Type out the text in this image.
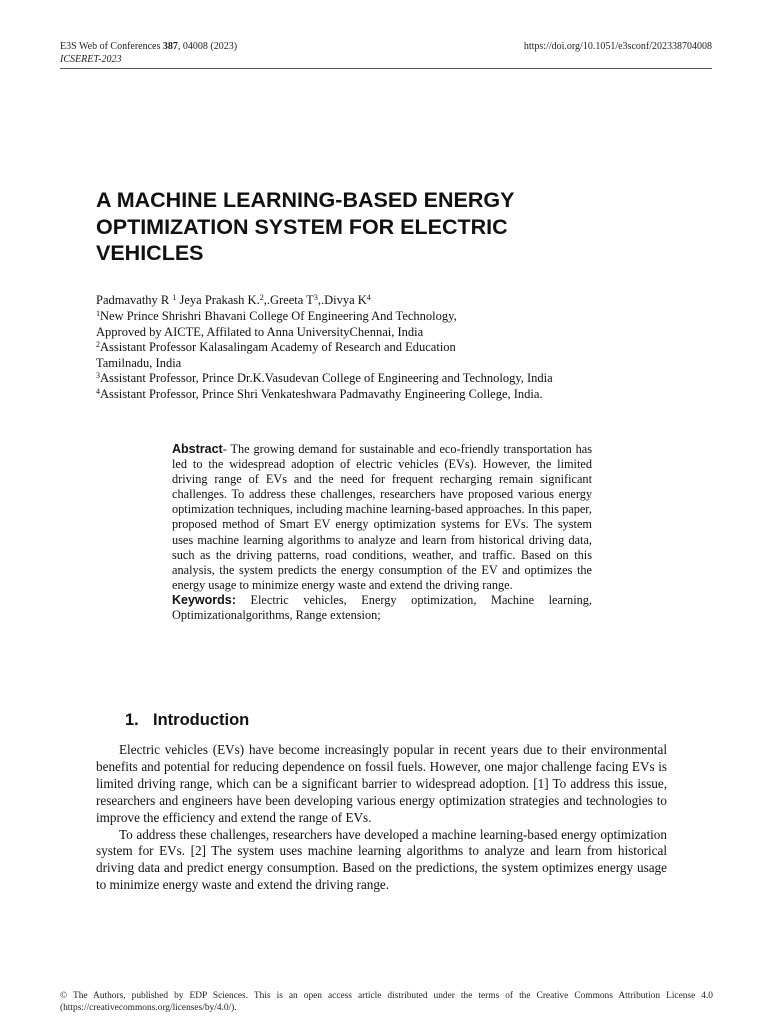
E3S Web of Conferences 387, 04008 (2023)	https://doi.org/10.1051/e3sconf/202338704008
ICSERET-2023
A MACHINE LEARNING-BASED ENERGY
OPTIMIZATION SYSTEM FOR ELECTRIC
VEHICLES
Padmavathy R $^1$ Jeya Prakash K.$^2$,.Greeta $T^3,.Divya$ $K^4$
$^1$New Prince Shrishri Bhavani College Of Engineering And Technology,
Approved by AICTE, Affilated to Anna UniversityChennai, India
$^2$Assistant Professor Kalasalingam Academy of Research and Education
Tamilnadu, India
$^3$Assistant Professor, Prince Dr.K.Vasudevan College of Engineering and Technology, India
$^4$Assistant Professor, Prince Shri Venkateshwara Padmavathy Engineering College, India.
Abstract- The growing demand for sustainable and eco-friendly transportation has led to the widespread adoption of electric vehicles (EVs). However, the limited driving range of EVs and the need for frequent recharging remain significant challenges. To address these challenges, researchers have proposed various energy optimization techniques, including machine learning-based approaches. In this paper, proposed method of Smart EV energy optimization systems for EVs. The system uses machine learning algorithms to analyze and learn from historical driving data, such as the driving patterns, road conditions, weather, and traffic. Based on this analysis, the system predicts the energy consumption of the EV and optimizes the energy usage to minimize energy waste and extend the driving range.
Keywords: Electric vehicles, Energy optimization, Machine learning, Optimizationalgorithms, Range extension;
1. Introduction

Electric vehicles (EVs) have become increasingly popular in recent years due to their environmental benefits and potential for reducing dependence on fossil fuels. However, one major challenge facing EVs is limited driving range, which can be a significant barrier to widespread adoption. [1] To address this issue, researchers and engineers have been developing various energy optimization strategies and technologies to improve the efficiency and extend the range of EVs.

To address these challenges, researchers have developed a machine learning-based energy optimization system for EVs. [2] The system uses machine learning algorithms to analyze and learn from historical driving data and predict energy consumption. Based on the predictions, the system optimizes energy usage to minimize energy waste and extend the driving range.

© The Authors, published by EDP Sciences. This is an open access article distributed under the terms of the Creative Commons Attribution License 4.0 (https://creativecommons.org/licenses/by/4.0/).
